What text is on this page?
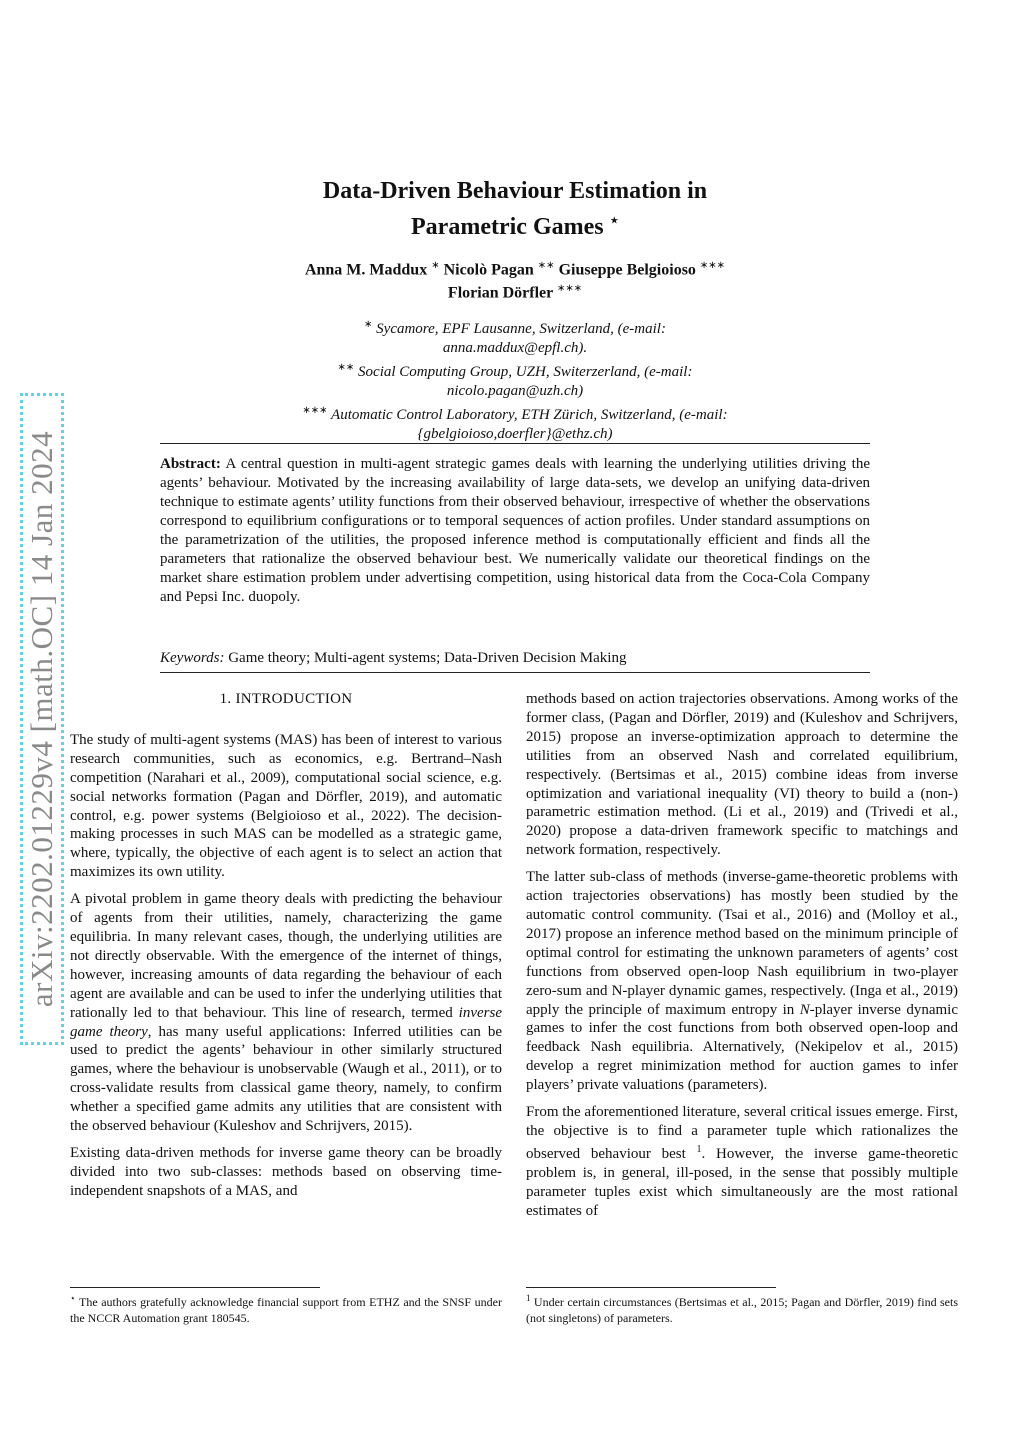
arXiv:2202.01229v4 [math.OC] 14 Jan 2024
Data-Driven Behaviour Estimation in
Parametric Games ⋆
Anna M. Maddux ∗ Nicolò Pagan ∗∗ Giuseppe Belgioioso ∗∗∗
Florian Dörfler ∗∗∗
∗ Sycamore, EPF Lausanne, Switzerland, (e-mail:
anna.maddux@epfl.ch).
∗∗ Social Computing Group, UZH, Switerzerland, (e-mail:
nicolo.pagan@uzh.ch)
∗∗∗ Automatic Control Laboratory, ETH Zürich, Switzerland, (e-mail:
{gbelgioioso,doerfler}@ethz.ch)
Abstract: A central question in multi-agent strategic games deals with learning the underlying utilities driving the agents’ behaviour. Motivated by the increasing availability of large data-sets, we develop an unifying data-driven technique to estimate agents’ utility functions from their observed behaviour, irrespective of whether the observations correspond to equilibrium configurations or to temporal sequences of action profiles. Under standard assumptions on the parametrization of the utilities, the proposed inference method is computationally efficient and finds all the parameters that rationalize the observed behaviour best. We numerically validate our theoretical findings on the market share estimation problem under advertising competition, using historical data from the Coca-Cola Company and Pepsi Inc. duopoly.
Keywords: Game theory; Multi-agent systems; Data-Driven Decision Making
1. INTRODUCTION

The study of multi-agent systems (MAS) has been of interest to various research communities, such as economics, e.g. Bertrand–Nash competition (Narahari et al., 2009), computational social science, e.g. social networks formation (Pagan and Dörfler, 2019), and automatic control, e.g. power systems (Belgioioso et al., 2022). The decision-making processes in such MAS can be modelled as a strategic game, where, typically, the objective of each agent is to select an action that maximizes its own utility.

A pivotal problem in game theory deals with predicting the behaviour of agents from their utilities, namely, characterizing the game equilibria. In many relevant cases, though, the underlying utilities are not directly observable. With the emergence of the internet of things, however, increasing amounts of data regarding the behaviour of each agent are available and can be used to infer the underlying utilities that rationally led to that behaviour. This line of research, termed inverse game theory, has many useful applications: Inferred utilities can be used to predict the agents’ behaviour in other similarly structured games, where the behaviour is unobservable (Waugh et al., 2011), or to cross-validate results from classical game theory, namely, to confirm whether a specified game admits any utilities that are consistent with the observed behaviour (Kuleshov and Schrijvers, 2015).

Existing data-driven methods for inverse game theory can be broadly divided into two sub-classes: methods based on observing time-independent snapshots of a MAS, and

methods based on action trajectories observations. Among works of the former class, (Pagan and Dörfler, 2019) and (Kuleshov and Schrijvers, 2015) propose an inverse-optimization approach to determine the utilities from an observed Nash and correlated equilibrium, respectively. (Bertsimas et al., 2015) combine ideas from inverse optimization and variational inequality (VI) theory to build a (non-) parametric estimation method. (Li et al., 2019) and (Trivedi et al., 2020) propose a data-driven framework specific to matchings and network formation, respectively.

The latter sub-class of methods (inverse-game-theoretic problems with action trajectories observations) has mostly been studied by the automatic control community. (Tsai et al., 2016) and (Molloy et al., 2017) propose an inference method based on the minimum principle of optimal control for estimating the unknown parameters of agents’ cost functions from observed open-loop Nash equilibrium in two-player zero-sum and N-player dynamic games, respectively. (Inga et al., 2019) apply the principle of maximum entropy in N-player inverse dynamic games to infer the cost functions from both observed open-loop and feedback Nash equilibria. Alternatively, (Nekipelov et al., 2015) develop a regret minimization method for auction games to infer players’ private valuations (parameters).

From the aforementioned literature, several critical issues emerge. First, the objective is to find a parameter tuple which rationalizes the observed behaviour best $^1$. However, the inverse game-theoretic problem is, in general, ill-posed, in the sense that possibly multiple parameter tuples exist which simultaneously are the most rational estimates of

⋆ The authors gratefully acknowledge financial support from ETHZ and the SNSF under the NCCR Automation grant 180545.
$^1$ Under certain circumstances (Bertsimas et al., 2015; Pagan and Dörfler, 2019) find sets (not singletons) of parameters.
